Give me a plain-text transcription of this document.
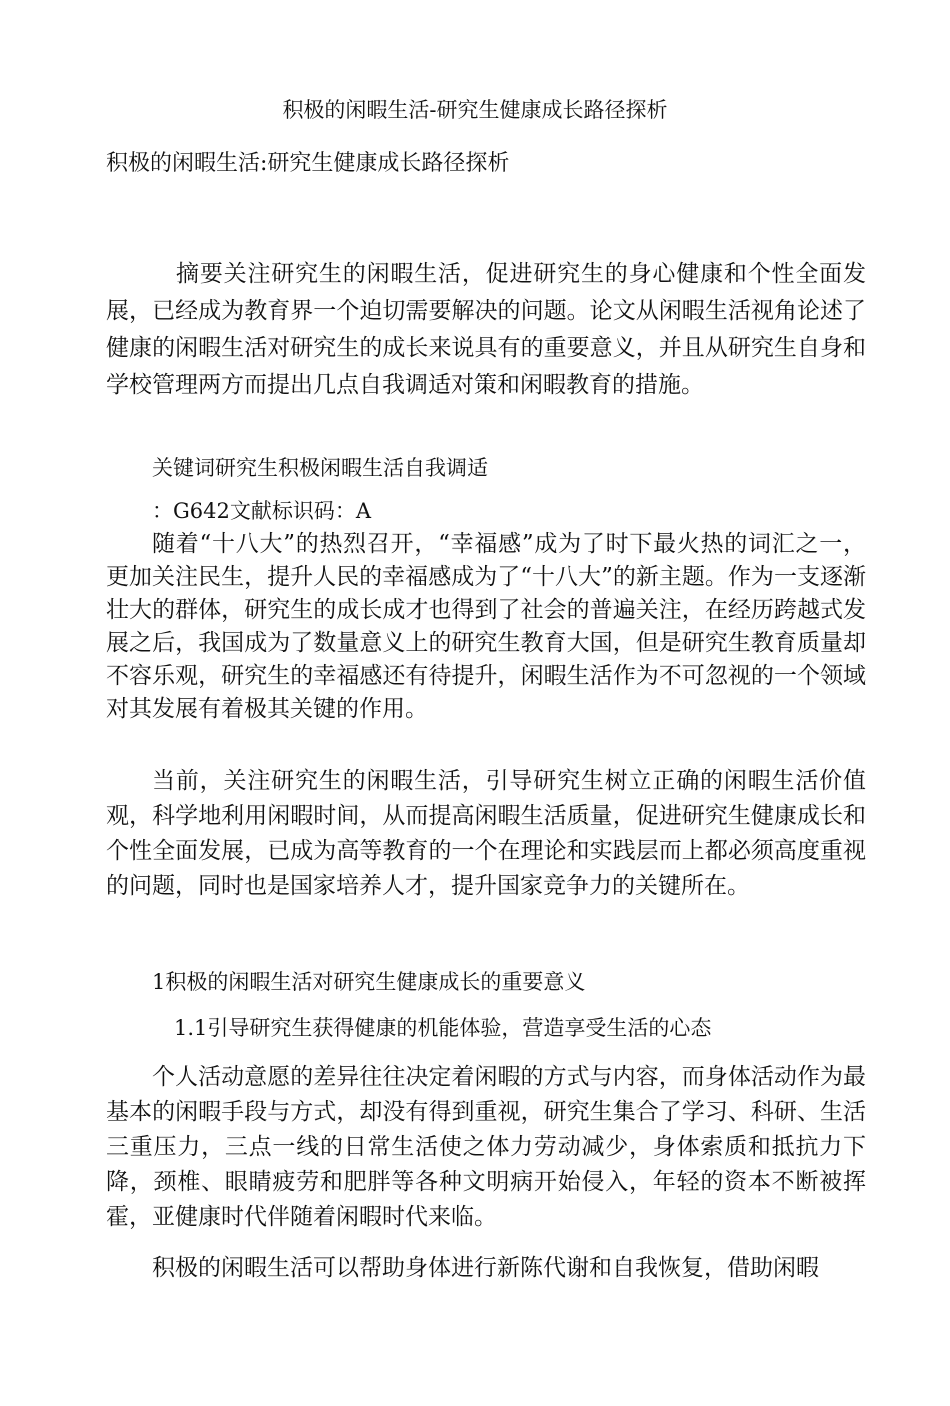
积极的闲暇生活-研究生健康成长路径探析

积极的闲暇生活:研究生健康成长路径探析

摘要关注研究生的闲暇生活，促进研究生的身心健康和个性全面发展，已经成为教育界一个迫切需要解决的问题。论文从闲暇生活视角论述了健康的闲暇生活对研究生的成长来说具有的重要意义，并且从研究生自身和学校管理两方而提出几点自我调适对策和闲暇教育的措施。

关键词研究生积极闲暇生活自我调适

：G642文献标识码：A

随着“十八大”的热烈召开，“幸福感”成为了时下最火热的词汇之一，更加关注民生，提升人民的幸福感成为了“十八大”的新主题。作为一支逐渐壮大的群体，研究生的成长成才也得到了社会的普遍关注，在经历跨越式发展之后，我国成为了数量意义上的研究生教育大国，但是研究生教育质量却不容乐观，研究生的幸福感还有待提升，闲暇生活作为不可忽视的一个领域对其发展有着极其关键的作用。

当前，关注研究生的闲暇生活，引导研究生树立正确的闲暇生活价值观，科学地利用闲暇时间，从而提高闲暇生活质量，促进研究生健康成长和个性全面发展，已成为高等教育的一个在理论和实践层而上都必须高度重视的问题，同时也是国家培养人才，提升国家竞争力的关键所在。

1积极的闲暇生活对研究生健康成长的重要意义

1.1引导研究生获得健康的机能体验，营造享受生活的心态

个人活动意愿的差异往往决定着闲暇的方式与内容，而身体活动作为最基本的闲暇手段与方式，却没有得到重视，研究生集合了学习、科研、生活三重压力，三点一线的日常生活使之体力劳动减少，身体索质和抵抗力下降，颈椎、眼睛疲劳和肥胖等各种文明病开始侵入，年轻的资本不断被挥霍，亚健康时代伴随着闲暇时代来临。

积极的闲暇生活可以帮助身体进行新陈代谢和自我恢复，借助闲暇
